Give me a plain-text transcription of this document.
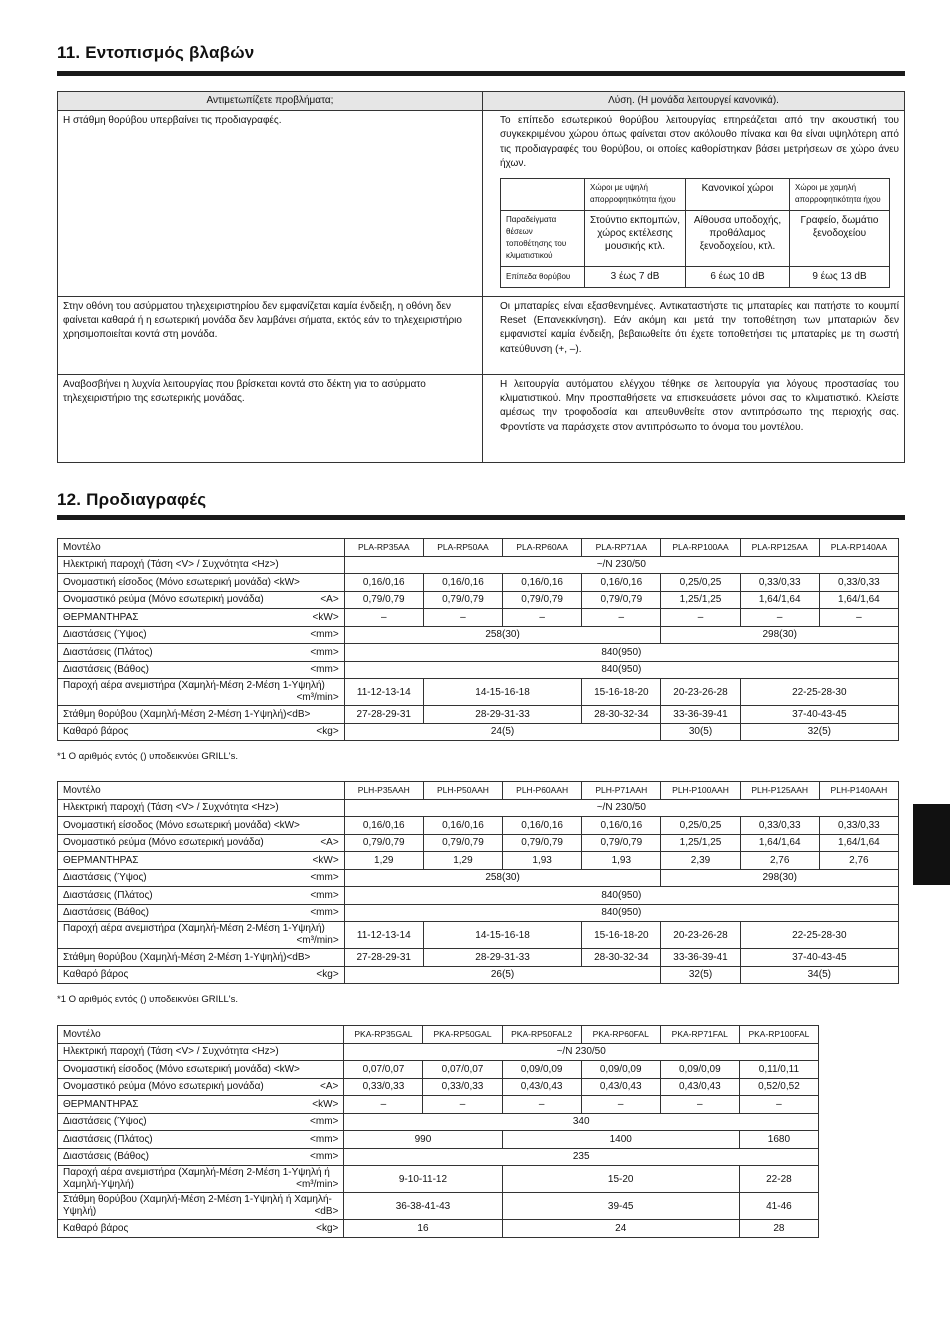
11. Εντοπισμός βλαβών
Αντιμετωπίζετε προβλήματα;	Λύση. (Η μονάδα λειτουργεί κανονικά).
Η στάθμη θορύβου υπερβαίνει τις προδιαγραφές.	Το επίπεδο εσωτερικού θορύβου λειτουργίας επηρεάζεται από την ακουστική του συγκεκριμένου χώρου όπως φαίνεται στον ακόλουθο πίνακα και θα είναι υψηλότερη από τις προδιαγραφές του θορύβου, οι οποίες καθορίστηκαν βάσει μετρήσεων σε χώρο άνευ ήχων.
	Χώροι με υψηλή απορροφητικότητα ήχου	Κανονικοί χώροι	Χώροι με χαμηλή απορροφητικότητα ήχου
Παραδείγματα θέσεων τοποθέτησης του κλιματιστικού	Στούντιο εκπομπών, χώρος εκτέλεσης μουσικής κτλ.	Αίθουσα υποδοχής, προθάλαμος ξενοδοχείου, κτλ.	Γραφείο, δωμάτιο ξενοδοχείου
Επίπεδα θορύβου	3 έως 7 dB	6 έως 10 dB	9 έως 13 dB

Στην οθόνη του ασύρματου τηλεχειριστηρίου δεν εμφανίζεται καμία ένδειξη, η οθόνη δεν φαίνεται καθαρά ή η εσωτερική μονάδα δεν λαμβάνει σήματα, εκτός εάν το τηλεχειριστήριο χρησιμοποιείται κοντά στη μονάδα.	Οι μπαταρίες είναι εξασθενημένες. Αντικαταστήστε τις μπαταρίες και πατήστε το κουμπί Reset (Επανεκκίνηση). Εάν ακόμη και μετά την τοποθέτηση των μπαταριών δεν εμφανιστεί καμία ένδειξη, βεβαιωθείτε ότι έχετε τοποθετήσει τις μπαταρίες με τη σωστή κατεύθυνση (+, –).
Αναβοσβήνει η λυχνία λειτουργίας που βρίσκεται κοντά στο δέκτη για το ασύρματο τηλεχειριστήριο της εσωτερικής μονάδας.	Η λειτουργία αυτόματου ελέγχου τέθηκε σε λειτουργία για λόγους προστασίας του κλιματιστικού. Μην προσπαθήσετε να επισκευάσετε μόνοι σας το κλιματιστικό. Κλείστε αμέσως την τροφοδοσία και απευθυνθείτε στον αντιπρόσωπο της περιοχής σας. Φροντίστε να παράσχετε στον αντιπρόσωπο το όνομα του μοντέλου.
12. Προδιαγραφές
Μοντέλο	PLA-RP35AA	PLA-RP50AA	PLA-RP60AA	PLA-RP71AA	PLA-RP100AA	PLA-RP125AA	PLA-RP140AA
Ηλεκτρική παροχή (Τάση <V> / Συχνότητα <Hz>)	~/N 230/50						
Ονομαστική είσοδος (Μόνο εσωτερική μονάδα) <kW>	0,16/0,16	0,16/0,16	0,16/0,16	0,16/0,16	0,25/0,25	0,33/0,33	0,33/0,33
Ονομαστικό ρεύμα (Μόνο εσωτερική μονάδα) <A>	0,79/0,79	0,79/0,79	0,79/0,79	0,79/0,79	1,25/1,25	1,64/1,64	1,64/1,64
ΘΕΡΜΑΝΤΗΡΑΣ <kW>	–	–	–	–	–	–	–
Διαστάσεις (Ύψος) <mm>	258(30)				298(30)		
Διαστάσεις (Πλάτος) <mm>	840(950)						
Διαστάσεις (Βάθος) <mm>	840(950)						
Παροχή αέρα ανεμιστήρα (Χαμηλή-Μέση 2-Μέση 1-Υψηλή)
<m³/min>	11-12-13-14	14-15-16-18		15-16-18-20	20-23-26-28	22-25-28-30	
Στάθμη θορύβου (Χαμηλή-Μέση 2-Μέση 1-Υψηλή)<dB>	27-28-29-31	28-29-31-33		28-30-32-34	33-36-39-41	37-40-43-45	
Καθαρό βάρος <kg>	24(5)				30(5)	32(5)	
*1 Ο αριθμός εντός () υποδεικνύει GRILL's.
Μοντέλο	PLH-P35AAH	PLH-P50AAH	PLH-P60AAH	PLH-P71AAH	PLH-P100AAH	PLH-P125AAH	PLH-P140AAH
Ηλεκτρική παροχή (Τάση <V> / Συχνότητα <Hz>)	~/N 230/50						
Ονομαστική είσοδος (Μόνο εσωτερική μονάδα) <kW>	0,16/0,16	0,16/0,16	0,16/0,16	0,16/0,16	0,25/0,25	0,33/0,33	0,33/0,33
Ονομαστικό ρεύμα (Μόνο εσωτερική μονάδα) <A>	0,79/0,79	0,79/0,79	0,79/0,79	0,79/0,79	1,25/1,25	1,64/1,64	1,64/1,64
ΘΕΡΜΑΝΤΗΡΑΣ <kW>	1,29	1,29	1,93	1,93	2,39	2,76	2,76
Διαστάσεις (Ύψος) <mm>	258(30)				298(30)		
Διαστάσεις (Πλάτος) <mm>	840(950)						
Διαστάσεις (Βάθος) <mm>	840(950)						
Παροχή αέρα ανεμιστήρα (Χαμηλή-Μέση 2-Μέση 1-Υψηλή)
<m³/min>	11-12-13-14	14-15-16-18		15-16-18-20	20-23-26-28	22-25-28-30	
Στάθμη θορύβου (Χαμηλή-Μέση 2-Μέση 1-Υψηλή)<dB>	27-28-29-31	28-29-31-33		28-30-32-34	33-36-39-41	37-40-43-45	
Καθαρό βάρος <kg>	26(5)				32(5)	34(5)	
*1 Ο αριθμός εντός () υποδεικνύει GRILL's.
Μοντέλο	PKA-RP35GAL	PKA-RP50GAL	PKA-RP50FAL2	PKA-RP60FAL	PKA-RP71FAL	PKA-RP100FAL
Ηλεκτρική παροχή (Τάση <V> / Συχνότητα <Hz>)	~/N 230/50					
Ονομαστική είσοδος (Μόνο εσωτερική μονάδα) <kW>	0,07/0,07	0,07/0,07	0,09/0,09	0,09/0,09	0,09/0,09	0,11/0,11
Ονομαστικό ρεύμα (Μόνο εσωτερική μονάδα) <A>	0,33/0,33	0,33/0,33	0,43/0,43	0,43/0,43	0,43/0,43	0,52/0,52
ΘΕΡΜΑΝΤΗΡΑΣ <kW>	–	–	–	–	–	–
Διαστάσεις (Ύψος) <mm>	340					
Διαστάσεις (Πλάτος) <mm>	990		1400			1680
Διαστάσεις (Βάθος) <mm>	235					
Παροχή αέρα ανεμιστήρα (Χαμηλή-Μέση 2-Μέση 1-Υψηλή ή Χαμηλή-Υψηλή) <m³/min>	9-10-11-12		15-20			22-28
Στάθμη θορύβου (Χαμηλή-Μέση 2-Μέση 1-Υψηλή ή Χαμηλή-Υψηλή) <dB>	36-38-41-43		39-45			41-46
Καθαρό βάρος <kg>	16		24			28
